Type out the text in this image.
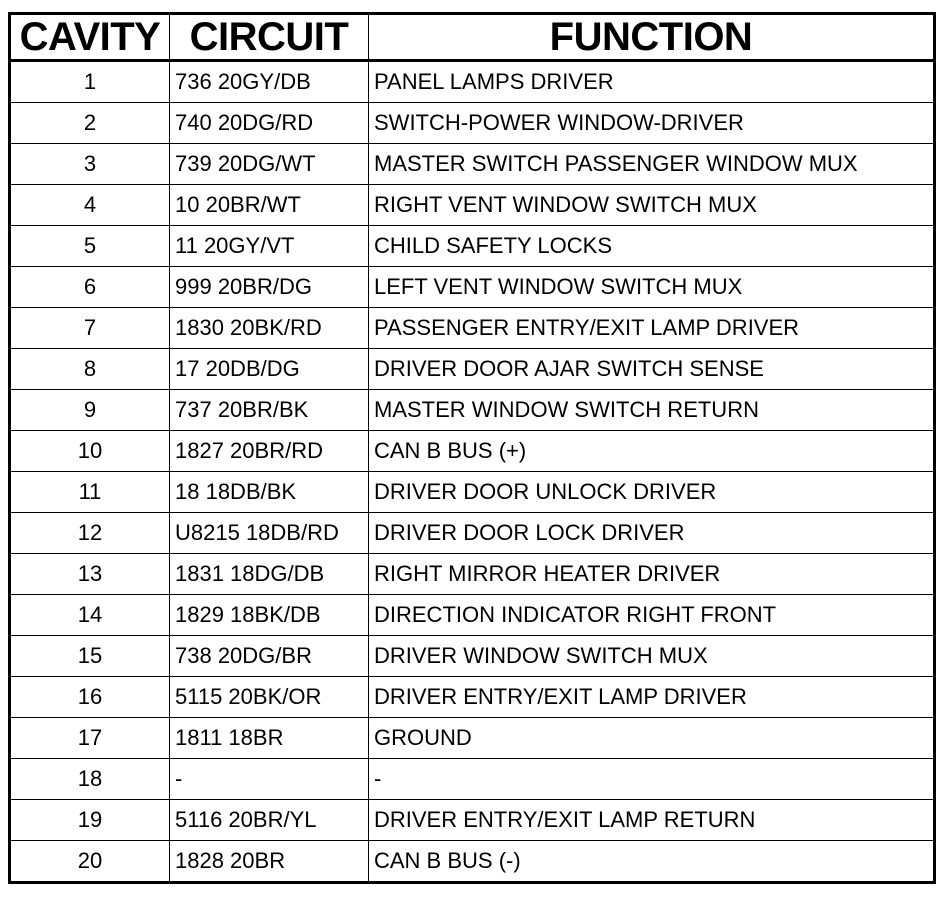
CAVITY	CIRCUIT	FUNCTION
1	736 20GY/DB	PANEL LAMPS DRIVER
2	740 20DG/RD	SWITCH-POWER WINDOW-DRIVER
3	739 20DG/WT	MASTER SWITCH PASSENGER WINDOW MUX
4	10 20BR/WT	RIGHT VENT WINDOW SWITCH MUX
5	11 20GY/VT	CHILD SAFETY LOCKS
6	999 20BR/DG	LEFT VENT WINDOW SWITCH MUX
7	1830 20BK/RD	PASSENGER ENTRY/EXIT LAMP DRIVER
8	17 20DB/DG	DRIVER DOOR AJAR SWITCH SENSE
9	737 20BR/BK	MASTER WINDOW SWITCH RETURN
10	1827 20BR/RD	CAN B BUS (+)
11	18 18DB/BK	DRIVER DOOR UNLOCK DRIVER
12	U8215 18DB/RD	DRIVER DOOR LOCK DRIVER
13	1831 18DG/DB	RIGHT MIRROR HEATER DRIVER
14	1829 18BK/DB	DIRECTION INDICATOR RIGHT FRONT
15	738 20DG/BR	DRIVER WINDOW SWITCH MUX
16	5115 20BK/OR	DRIVER ENTRY/EXIT LAMP DRIVER
17	1811 18BR	GROUND
18	-	-
19	5116 20BR/YL	DRIVER ENTRY/EXIT LAMP RETURN
20	1828 20BR	CAN B BUS (-)
